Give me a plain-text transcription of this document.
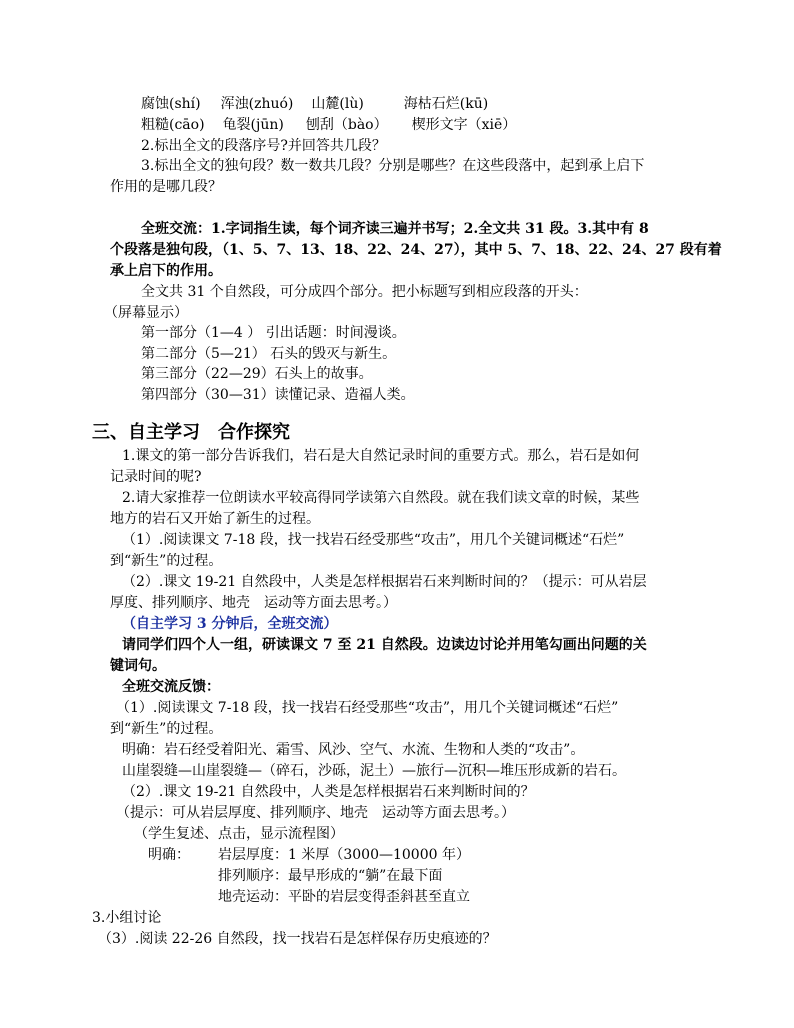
腐蚀(shí) 浑浊(zhuó) 山麓(lù)	海枯石烂(kū)
粗糙(cāo) 龟裂(jūn) 刨刮（bào） 楔形文字（xiē）
2.标出全文的段落序号?并回答共几段？
3.标出全文的独句段？数一数共几段？分别是哪些？在这些段落中，起到承上启下
作用的是哪几段？
全班交流：1.字词指生读，每个词齐读三遍并书写；2.全文共 31 段。3.其中有 8
个段落是独句段，（1、5、7、13、18、22、24、27），其中 5、7、18、22、24、27 段有着
承上启下的作用。
全文共 31 个自然段，可分成四个部分。把小标题写到相应段落的开头：
（屏幕显示）
第一部分（1—4 ） 引出话题：时间漫谈。
第二部分（5—21） 石头的毁灭与新生。
第三部分（22—29）石头上的故事。
第四部分（30—31）读懂记录、造福人类。
三、自主学习　合作探究
1.课文的第一部分告诉我们，岩石是大自然记录时间的重要方式。那么，岩石是如何
记录时间的呢?
2.请大家推荐一位朗读水平较高得同学读第六自然段。就在我们读文章的时候，某些
地方的岩石又开始了新生的过程。
（1）.阅读课文 7-18 段，找一找岩石经受那些“攻击”，用几个关键词概述“石烂”
到“新生”的过程。
（2）.课文 19-21 自然段中，人类是怎样根据岩石来判断时间的？（提示：可从岩层
厚度、排列顺序、地壳　运动等方面去思考。）
（自主学习 3 分钟后，全班交流）
请同学们四个人一组，研读课文 7 至 21 自然段。边读边讨论并用笔勾画出问题的关
键词句。
全班交流反馈：
（1）.阅读课文 7-18 段，找一找岩石经受那些“攻击”，用几个关键词概述“石烂”
到“新生”的过程。
明确：岩石经受着阳光、霜雪、风沙、空气、水流、生物和人类的“攻击”。
山崖裂缝—山崖裂缝—（碎石，沙砾，泥土）—旅行—沉积—堆压形成新的岩石。
（2）.课文 19-21 自然段中，人类是怎样根据岩石来判断时间的？
（提示：可从岩层厚度、排列顺序、地壳　运动等方面去思考。）
（学生复述、点击，显示流程图）
明确： 岩层厚度：1 米厚（3000—10000 年）
排列顺序：最早形成的“躺”在最下面
地壳运动：平卧的岩层变得歪斜甚至直立
3.小组讨论
（3）.阅读 22-26 自然段，找一找岩石是怎样保存历史痕迹的？
